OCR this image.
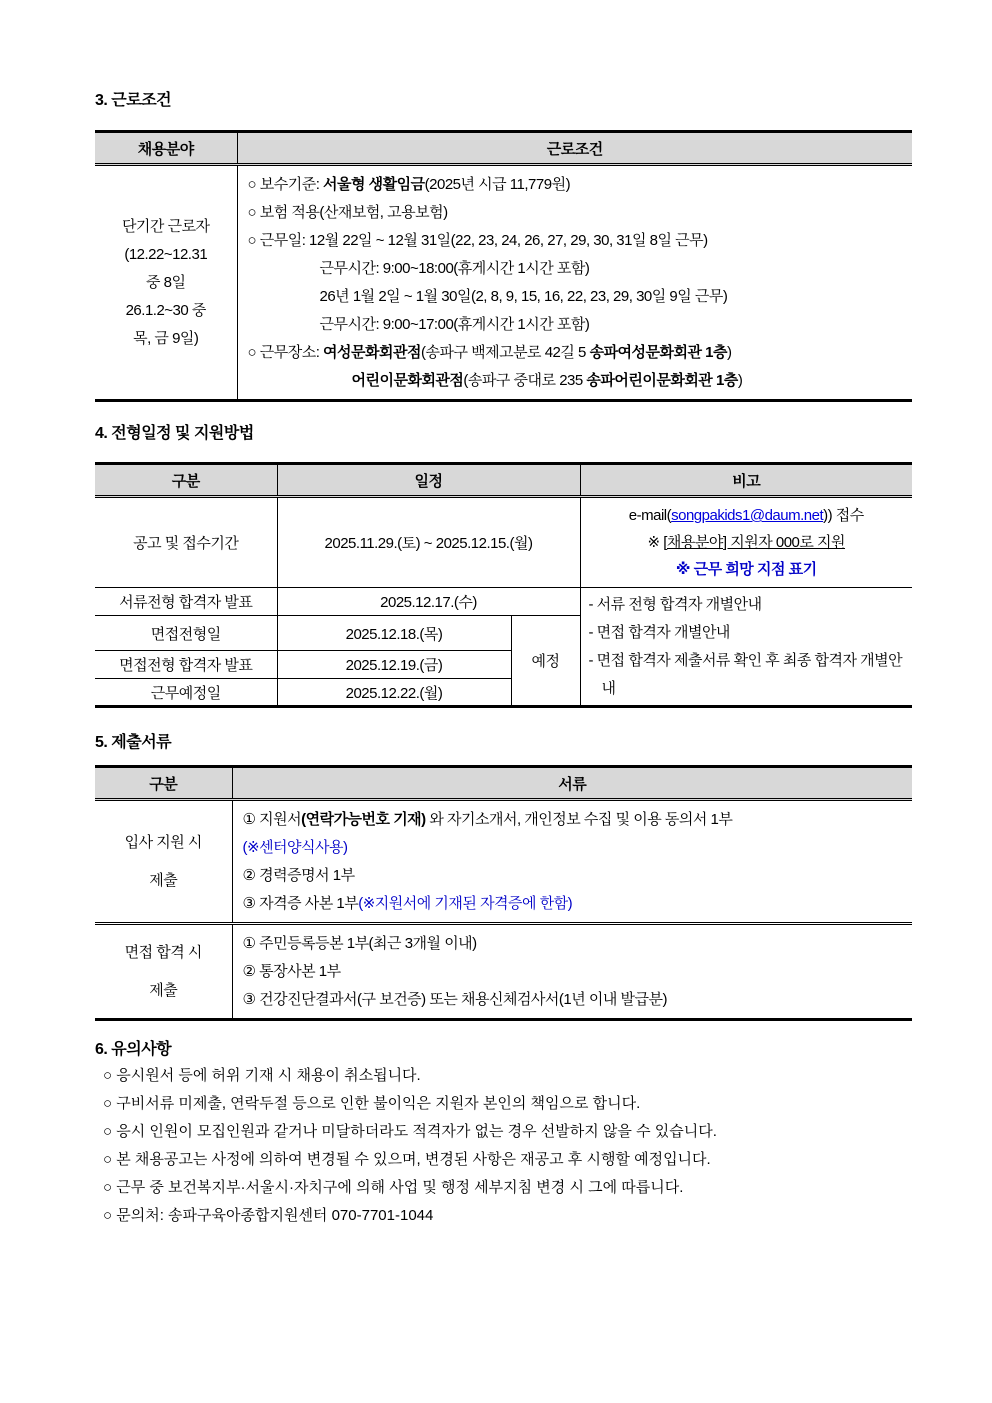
3. 근로조건
채용분야	근로조건

단기간 근로자
(12.22~12.31
중 8일
26.1.2~30 중
목, 금 9일)

○ 보수기준: 서울형 생활임금(2025년 시급 11,779원)
○ 보험 적용(산재보험, 고용보험)
○ 근무일: 12월 22일 ~ 12월 31일(22, 23, 24, 26, 27, 29, 30, 31일 8일 근무)
근무시간: 9:00~18:00(휴게시간 1시간 포함)
26년 1월 2일 ~ 1월 30일(2, 8, 9, 15, 16, 22, 23, 29, 30일 9일 근무)
근무시간: 9:00~17:00(휴게시간 1시간 포함)
○ 근무장소: 여성문화회관점(송파구 백제고분로 42길 5 송파여성문화회관 1층)
어린이문화회관점(송파구 중대로 235 송파어린이문화회관 1층)
4. 전형일정 및 지원방법
구분	일정		비고
공고 및 접수기간	2025.11.29.(토) ~ 2025.12.15.(월)		e-mail(songpakids1@daum.net)) 접수
※ [채용분야] 지원자 000로 지원
※ 근무 희망 지점 표기

서류전형 합격자 발표	2025.12.17.(수)		- 서류 전형 합격자 개별안내
- 면접 합격자 개별안내
- 면접 합격자 제출서류 확인 후 최종 합격자 개별안내

면접전형일	2025.12.18.(목)	예정	
면접전형 합격자 발표	2025.12.19.(금)		
근무예정일	2025.12.22.(월)		
5. 제출서류
구분	서류

입사 지원 시
제출

① 지원서(연락가능번호 기재) 와 자기소개서, 개인정보 수집 및 이용 동의서 1부
(※센터양식사용)
② 경력증명서 1부
③ 자격증 사본 1부(※지원서에 기재된 자격증에 한함)

면접 합격 시
제출

① 주민등록등본 1부(최근 3개월 이내)
② 통장사본 1부
③ 건강진단결과서(구 보건증) 또는 채용신체검사서(1년 이내 발급분)
6. 유의사항
○ 응시원서 등에 허위 기재 시 채용이 취소됩니다.
○ 구비서류 미제출, 연락두절 등으로 인한 불이익은 지원자 본인의 책임으로 합니다.
○ 응시 인원이 모집인원과 같거나 미달하더라도 적격자가 없는 경우 선발하지 않을 수 있습니다.
○ 본 채용공고는 사정에 의하여 변경될 수 있으며, 변경된 사항은 재공고 후 시행할 예정입니다.
○ 근무 중 보건복지부·서울시·자치구에 의해 사업 및 행정 세부지침 변경 시 그에 따릅니다.
○ 문의처: 송파구육아종합지원센터 070-7701-1044
